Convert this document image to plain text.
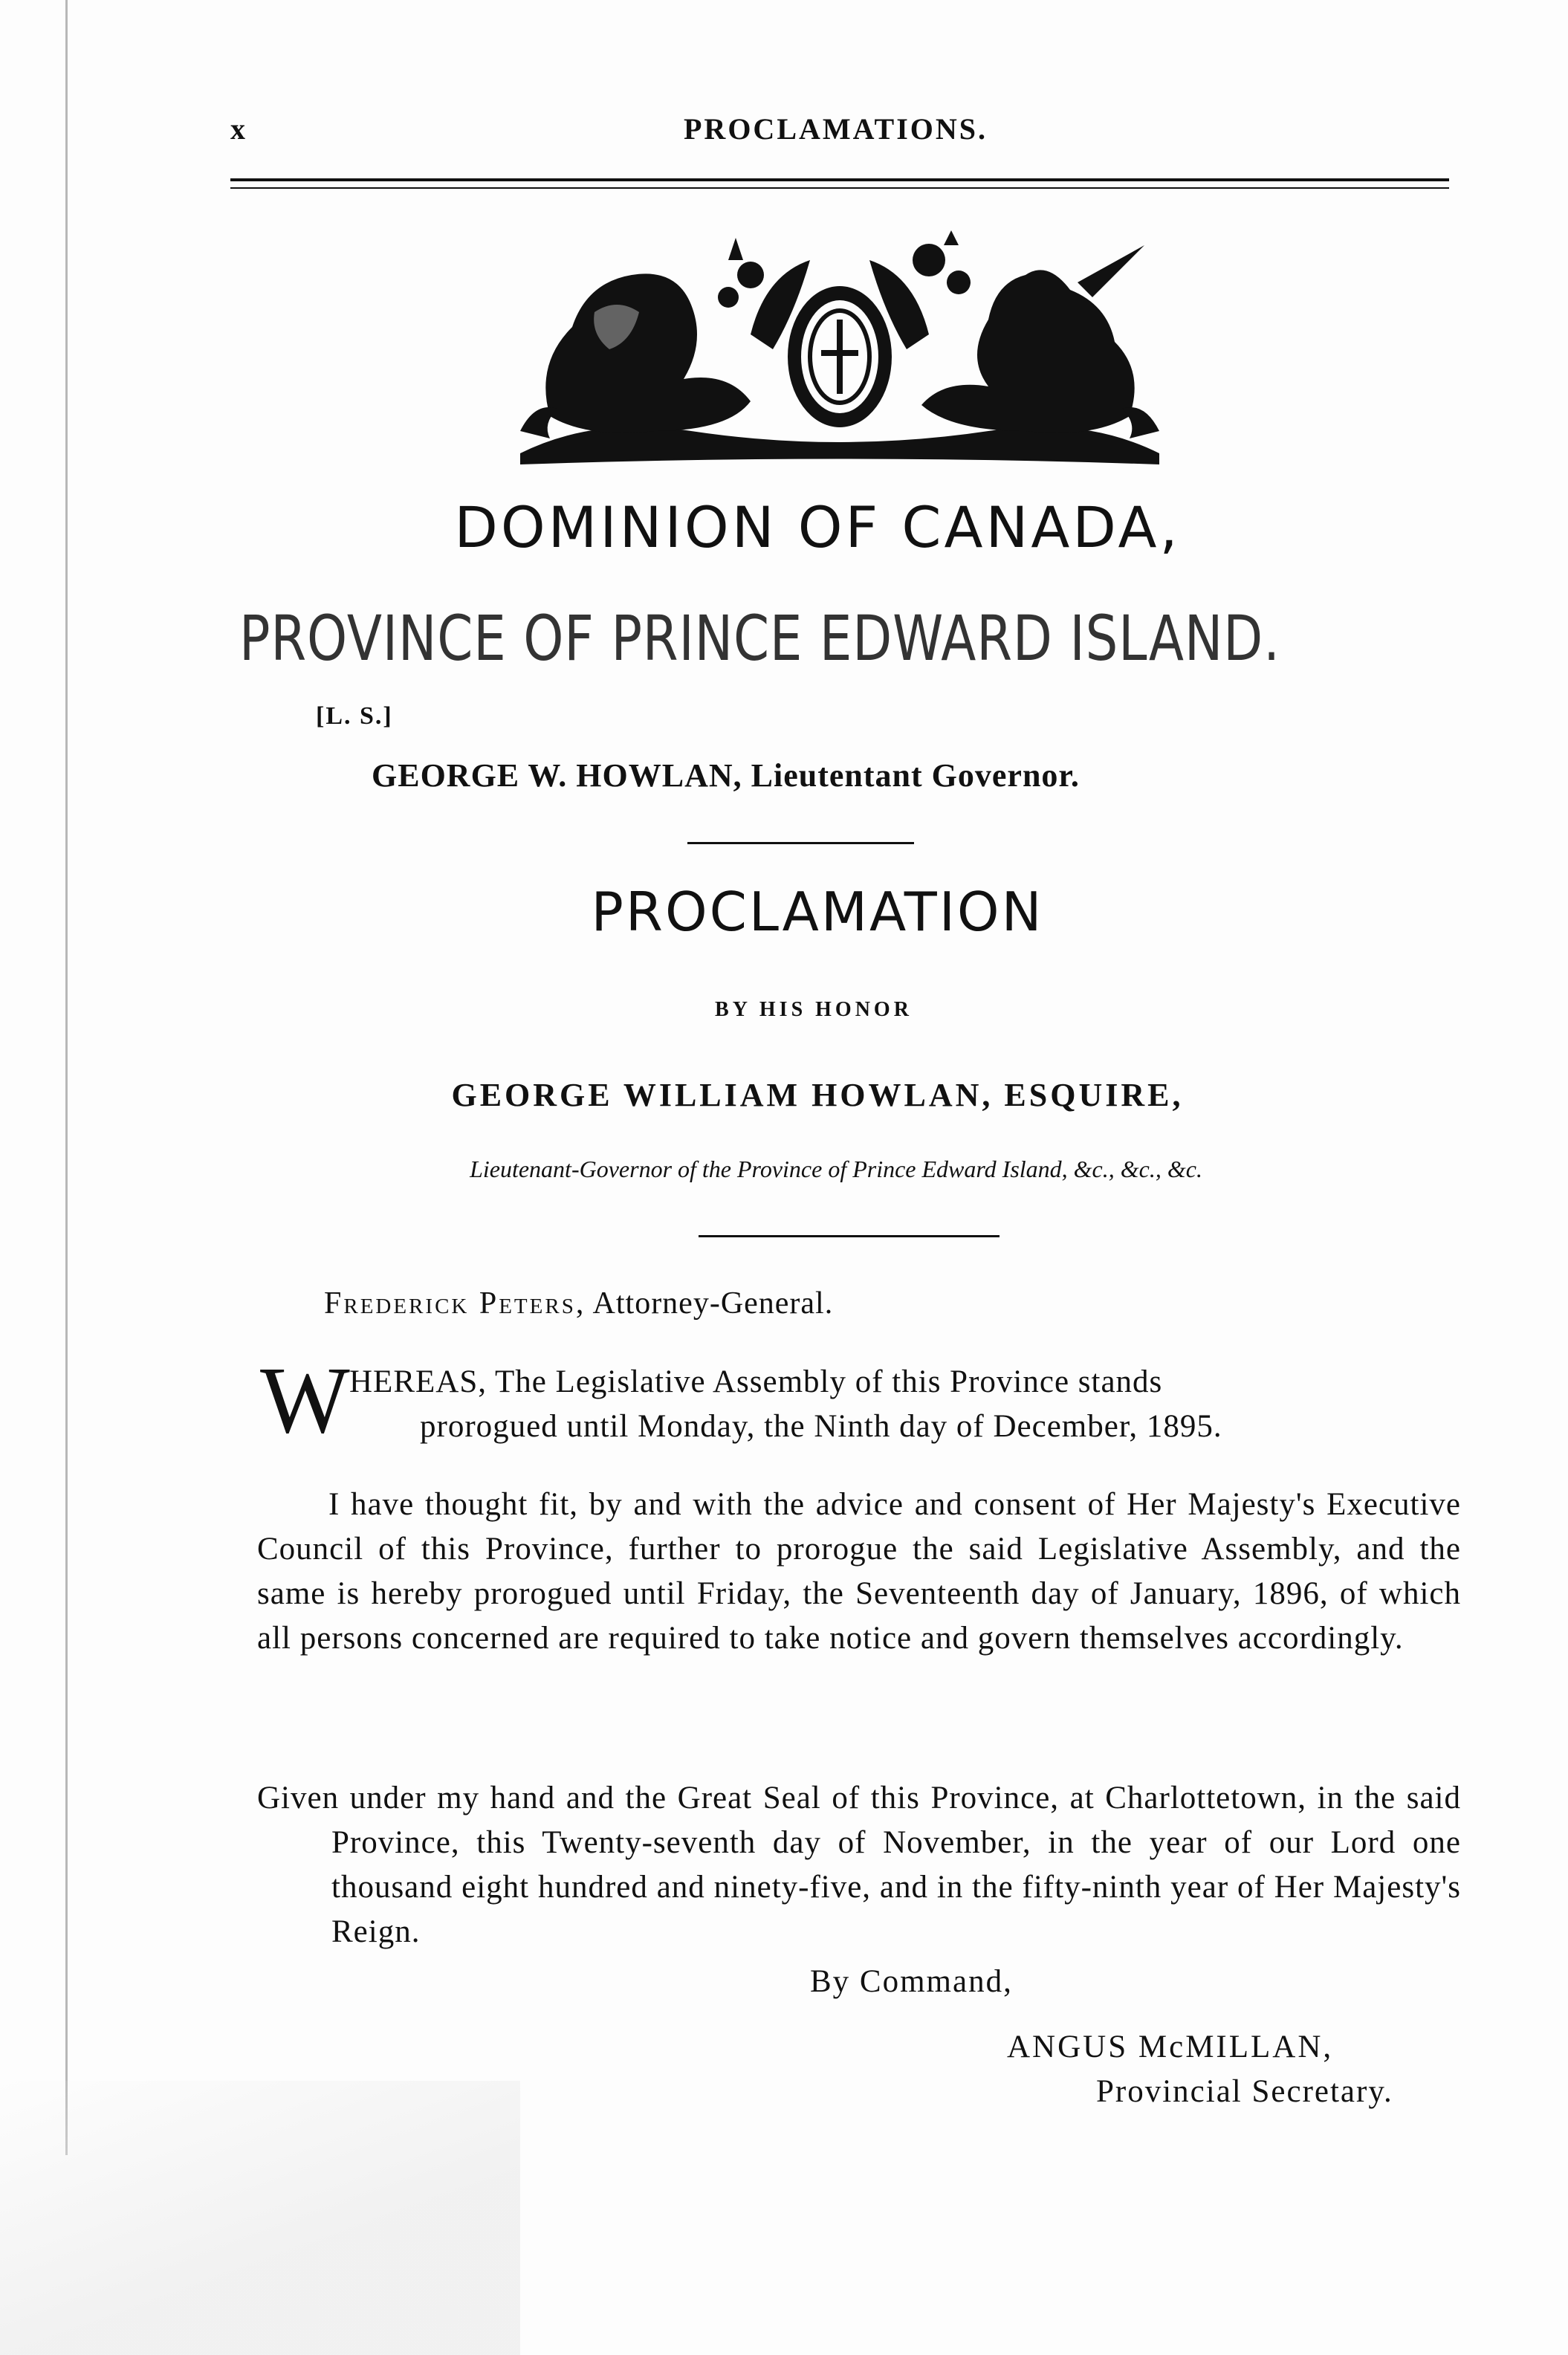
x	PROCLAMATIONS.
DOMINION OF CANADA,
PROVINCE OF PRINCE EDWARD ISLAND.
[L. S.]
GEORGE W. HOWLAN, Lieutentant Governor.
PROCLAMATION
BY HIS HONOR
GEORGE WILLIAM HOWLAN, ESQUIRE,
Lieutenant-Governor of the Province of Prince Edward Island, &c., &c., &c.
Frederick Peters, Attorney-General.
W HEREAS, The Legislative Assembly of this Province stands
prorogued until Monday, the Ninth day of December, 1895.
I have thought fit, by and with the advice and consent of Her Majesty's Executive Council of this Province, further to prorogue the said Legislative Assembly, and the same is hereby prorogued until Friday, the Seventeenth day of January, 1896, of which all persons concerned are required to take notice and govern themselves accordingly.
Given under my hand and the Great Seal of this Province, at Charlottetown, in the said Province, this Twenty-seventh day of November, in the year of our Lord one thousand eight hundred and ninety-five, and in the fifty-ninth year of Her Majesty's Reign.
By Command,
ANGUS McMILLAN,
Provincial Secretary.
